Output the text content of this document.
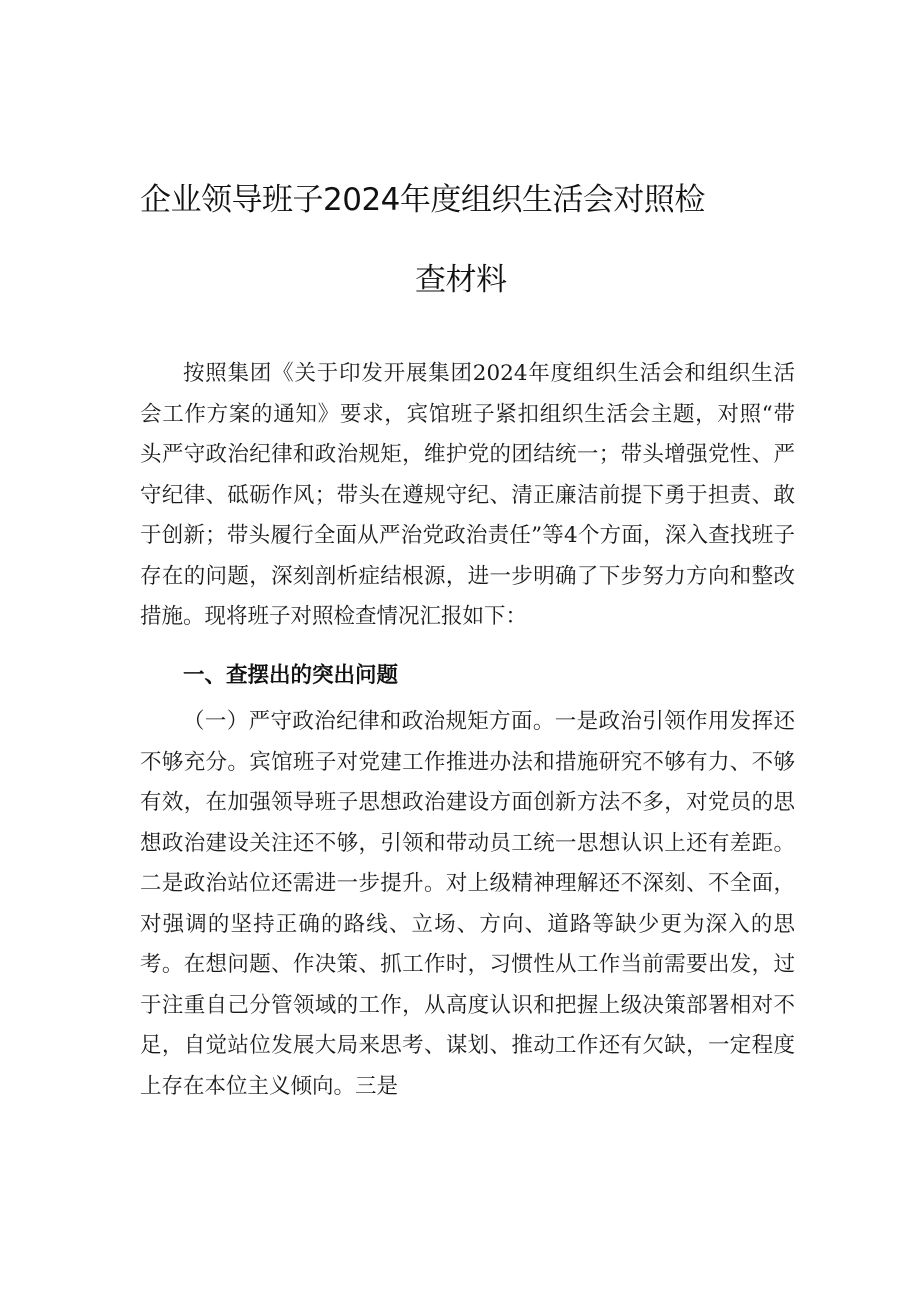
企业领导班子2024年度组织生活会对照检
查材料

按照集团《关于印发开展集团2024年度组织生活会和组织生活会工作方案的通知》要求，宾馆班子紧扣组织生活会主题，对照“带头严守政治纪律和政治规矩，维护党的团结统一；带头增强党性、严守纪律、砥砺作风；带头在遵规守纪、清正廉洁前提下勇于担责、敢于创新；带头履行全面从严治党政治责任”等4个方面，深入查找班子存在的问题，深刻剖析症结根源，进一步明确了下步努力方向和整改措施。现将班子对照检查情况汇报如下：

一、查摆出的突出问题

（一）严守政治纪律和政治规矩方面。一是政治引领作用发挥还不够充分。宾馆班子对党建工作推进办法和措施研究不够有力、不够有效，在加强领导班子思想政治建设方面创新方法不多，对党员的思想政治建设关注还不够，引领和带动员工统一思想认识上还有差距。二是政治站位还需进一步提升。对上级精神理解还不深刻、不全面，对强调的坚持正确的路线、立场、方向、道路等缺少更为深入的思考。在想问题、作决策、抓工作时，习惯性从工作当前需要出发，过于注重自己分管领域的工作，从高度认识和把握上级决策部署相对不足，自觉站位发展大局来思考、谋划、推动工作还有欠缺，一定程度上存在本位主义倾向。三是
